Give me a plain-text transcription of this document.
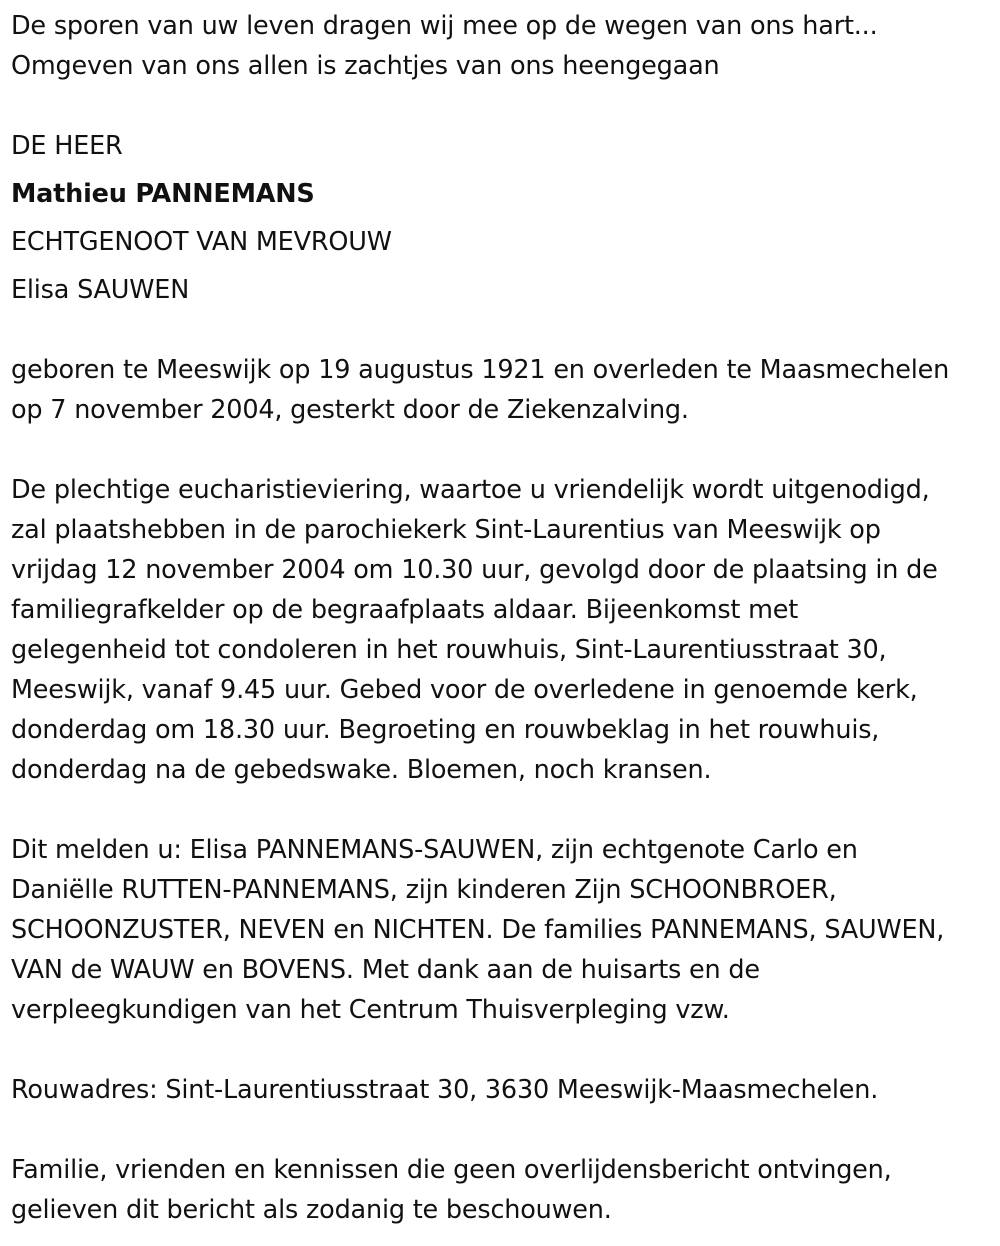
De sporen van uw leven dragen wij mee op de wegen van ons hart...
Omgeven van ons allen is zachtjes van ons heengegaan
DE HEER
Mathieu PANNEMANS
ECHTGENOOT VAN MEVROUW
Elisa SAUWEN
geboren te Meeswijk op 19 augustus 1921 en overleden te Maasmechelen
op 7 november 2004, gesterkt door de Ziekenzalving.
De plechtige eucharistieviering, waartoe u vriendelijk wordt uitgenodigd,
zal plaatshebben in de parochiekerk Sint-Laurentius van Meeswijk op
vrijdag 12 november 2004 om 10.30 uur, gevolgd door de plaatsing in de
familiegrafkelder op de begraafplaats aldaar. Bijeenkomst met
gelegenheid tot condoleren in het rouwhuis, Sint-Laurentiusstraat 30,
Meeswijk, vanaf 9.45 uur. Gebed voor de overledene in genoemde kerk,
donderdag om 18.30 uur. Begroeting en rouwbeklag in het rouwhuis,
donderdag na de gebedswake. Bloemen, noch kransen.
Dit melden u: Elisa PANNEMANS-SAUWEN, zijn echtgenote Carlo en
Daniëlle RUTTEN-PANNEMANS, zijn kinderen Zijn SCHOONBROER,
SCHOONZUSTER, NEVEN en NICHTEN. De families PANNEMANS, SAUWEN,
VAN de WAUW en BOVENS. Met dank aan de huisarts en de
verpleegkundigen van het Centrum Thuisverpleging vzw.
Rouwadres: Sint-Laurentiusstraat 30, 3630 Meeswijk-Maasmechelen.
Familie, vrienden en kennissen die geen overlijdensbericht ontvingen,
gelieven dit bericht als zodanig te beschouwen.
